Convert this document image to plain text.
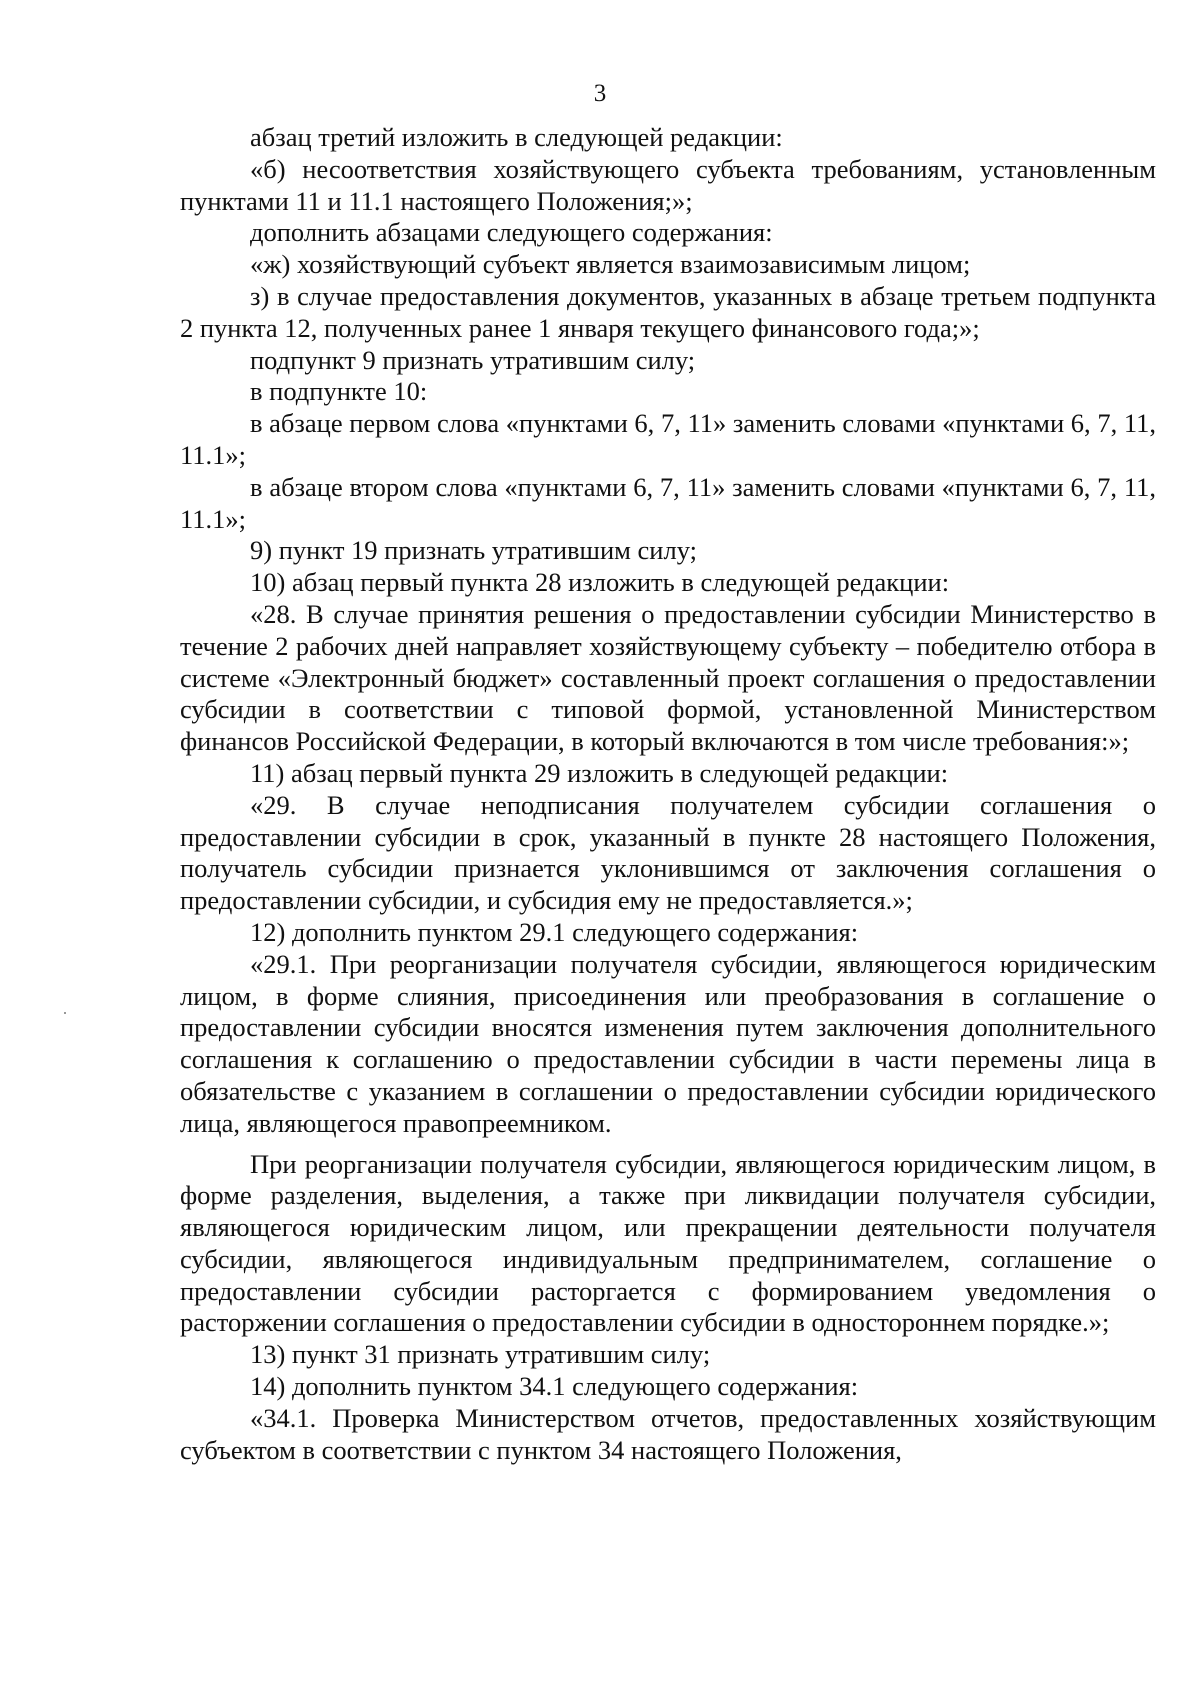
3

абзац третий изложить в следующей редакции:

«б) несоответствия хозяйствующего субъекта требованиям, установленным пунктами 11 и 11.1 настоящего Положения;»;

дополнить абзацами следующего содержания:

«ж) хозяйствующий субъект является взаимозависимым лицом;

з) в случае предоставления документов, указанных в абзаце третьем подпункта 2 пункта 12, полученных ранее 1 января текущего финансового года;»;

подпункт 9 признать утратившим силу;

в подпункте 10:

в абзаце первом слова «пунктами 6, 7, 11» заменить словами «пунктами 6, 7, 11, 11.1»;

в абзаце втором слова «пунктами 6, 7, 11» заменить словами «пунктами 6, 7, 11, 11.1»;

9) пункт 19 признать утратившим силу;

10) абзац первый пункта 28 изложить в следующей редакции:

«28. В случае принятия решения о предоставлении субсидии Министерство в течение 2 рабочих дней направляет хозяйствующему субъекту – победителю отбора в системе «Электронный бюджет» составленный проект соглашения о предоставлении субсидии в соответствии с типовой формой, установленной Министерством финансов Российской Федерации, в который включаются в том числе требования:»;

11) абзац первый пункта 29 изложить в следующей редакции:

«29. В случае неподписания получателем субсидии соглашения о предоставлении субсидии в срок, указанный в пункте 28 настоящего Положения, получатель субсидии признается уклонившимся от заключения соглашения о предоставлении субсидии, и субсидия ему не предоставляется.»;

12) дополнить пунктом 29.1 следующего содержания:

«29.1. При реорганизации получателя субсидии, являющегося юридическим лицом, в форме слияния, присоединения или преобразования в соглашение о предоставлении субсидии вносятся изменения путем заключения дополнительного соглашения к соглашению о предоставлении субсидии в части перемены лица в обязательстве с указанием в соглашении о предоставлении субсидии юридического лица, являющегося правопреемником.

При реорганизации получателя субсидии, являющегося юридическим лицом, в форме разделения, выделения, а также при ликвидации получателя субсидии, являющегося юридическим лицом, или прекращении деятельности получателя субсидии, являющегося индивидуальным предпринимателем, соглашение о предоставлении субсидии расторгается с формированием уведомления о расторжении соглашения о предоставлении субсидии в одностороннем порядке.»;

13) пункт 31 признать утратившим силу;

14) дополнить пунктом 34.1 следующего содержания:

«34.1. Проверка Министерством отчетов, предоставленных хозяйствующим субъектом в соответствии с пунктом 34 настоящего Положения,
